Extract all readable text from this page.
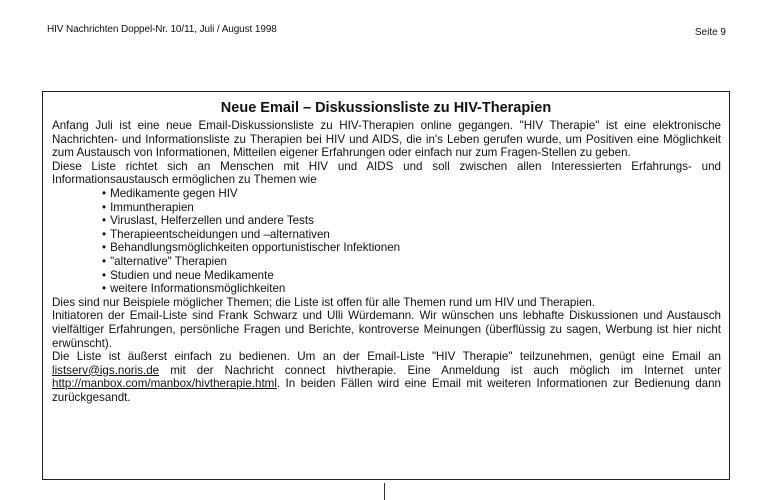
HIV Nachrichten Doppel-Nr. 10/11, Juli / August 1998	Seite 9
Neue Email – Diskussionsliste zu HIV-Therapien

Anfang Juli ist eine neue Email-Diskussionsliste zu HIV-Therapien online gegangen. "HIV Therapie" ist eine elektronische Nachrichten- und Informationsliste zu Therapien bei HIV und AIDS, die in's Leben gerufen wurde, um Positiven eine Möglichkeit zum Austausch von Informationen, Mitteilen eigener Erfahrungen oder einfach nur zum Fragen-Stellen zu geben.

Diese Liste richtet sich an Menschen mit HIV und AIDS und soll zwischen allen Interessierten Erfahrungs- und Informationsaustausch ermöglichen zu Themen wie

• Medikamente gegen HIV
• Immuntherapien
• Viruslast, Helferzellen und andere Tests
• Therapieentscheidungen und –alternativen
• Behandlungsmöglichkeiten opportunistischer Infektionen
• "alternative" Therapien
• Studien und neue Medikamente
• weitere Informationsmöglichkeiten

Dies sind nur Beispiele möglicher Themen; die Liste ist offen für alle Themen rund um HIV und Therapien.

Initiatoren der Email-Liste sind Frank Schwarz und Ulli Würdemann. Wir wünschen uns lebhafte Diskussionen und Austausch vielfältiger Erfahrungen, persönliche Fragen und Berichte, kontroverse Meinungen (überflüssig zu sagen, Werbung ist hier nicht erwünscht).

Die Liste ist äußerst einfach zu bedienen. Um an der Email-Liste "HIV Therapie" teilzunehmen, genügt eine Email an listserv@igs.noris.de mit der Nachricht connect hivtherapie. Eine Anmeldung ist auch möglich im Internet unter http://manbox.com/manbox/hivtherapie.html. In beiden Fällen wird eine Email mit weiteren Informationen zur Bedienung dann zurückgesandt.
